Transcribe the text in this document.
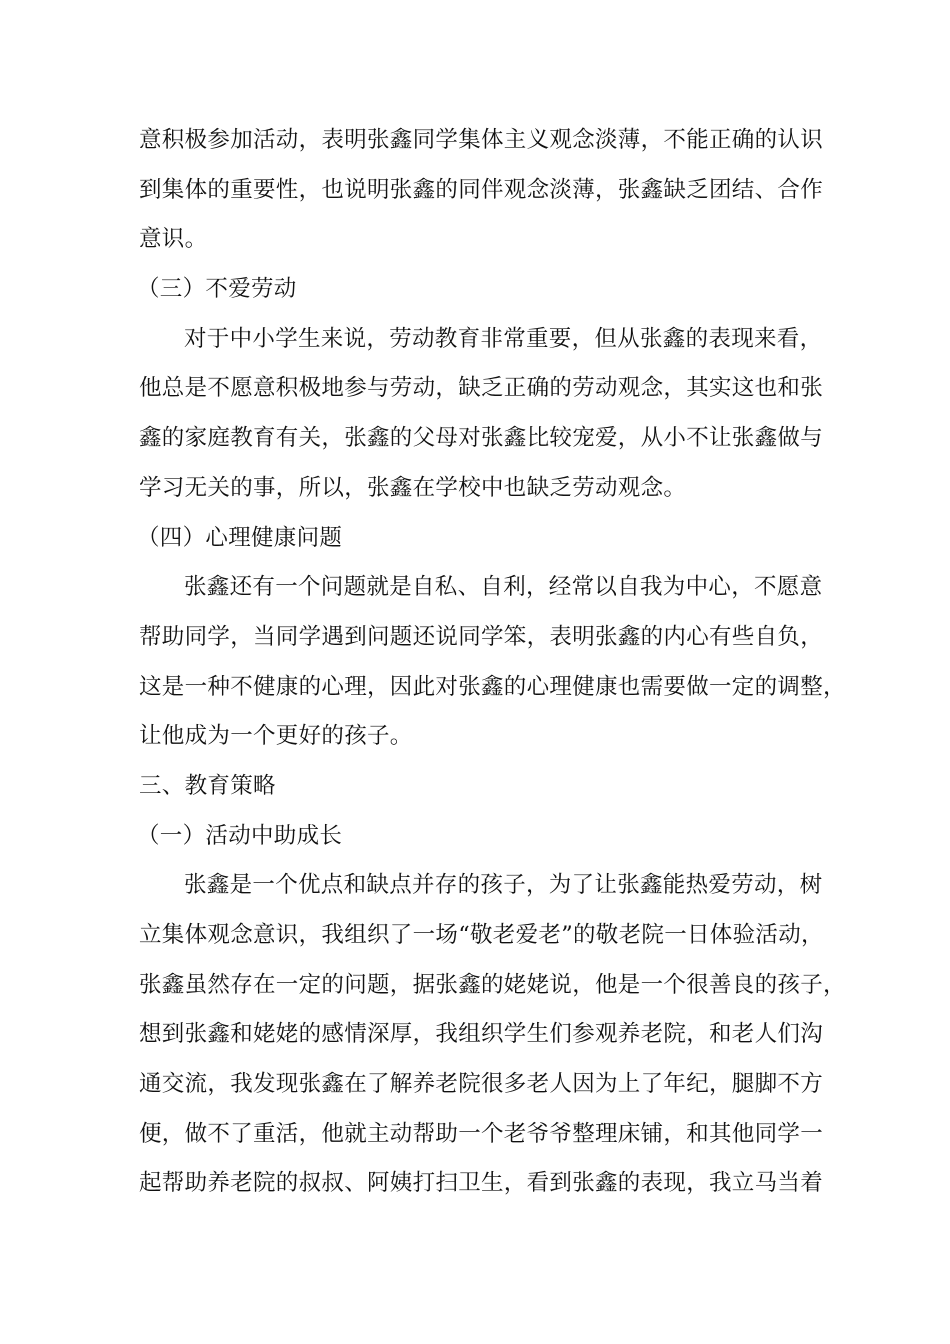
意积极参加活动，表明张鑫同学集体主义观念淡薄，不能正确的认识
到集体的重要性，也说明张鑫的同伴观念淡薄，张鑫缺乏团结、合作
意识。
（三）不爱劳动
对于中小学生来说，劳动教育非常重要，但从张鑫的表现来看，
他总是不愿意积极地参与劳动，缺乏正确的劳动观念，其实这也和张
鑫的家庭教育有关，张鑫的父母对张鑫比较宠爱，从小不让张鑫做与
学习无关的事，所以，张鑫在学校中也缺乏劳动观念。
（四）心理健康问题
张鑫还有一个问题就是自私、自利，经常以自我为中心，不愿意
帮助同学，当同学遇到问题还说同学笨，表明张鑫的内心有些自负，
这是一种不健康的心理，因此对张鑫的心理健康也需要做一定的调整，
让他成为一个更好的孩子。
三、教育策略
（一）活动中助成长
张鑫是一个优点和缺点并存的孩子，为了让张鑫能热爱劳动，树
立集体观念意识，我组织了一场“敬老爱老”的敬老院一日体验活动，
张鑫虽然存在一定的问题，据张鑫的姥姥说，他是一个很善良的孩子，
想到张鑫和姥姥的感情深厚，我组织学生们参观养老院，和老人们沟
通交流，我发现张鑫在了解养老院很多老人因为上了年纪，腿脚不方
便，做不了重活，他就主动帮助一个老爷爷整理床铺，和其他同学一
起帮助养老院的叔叔、阿姨打扫卫生，看到张鑫的表现，我立马当着
